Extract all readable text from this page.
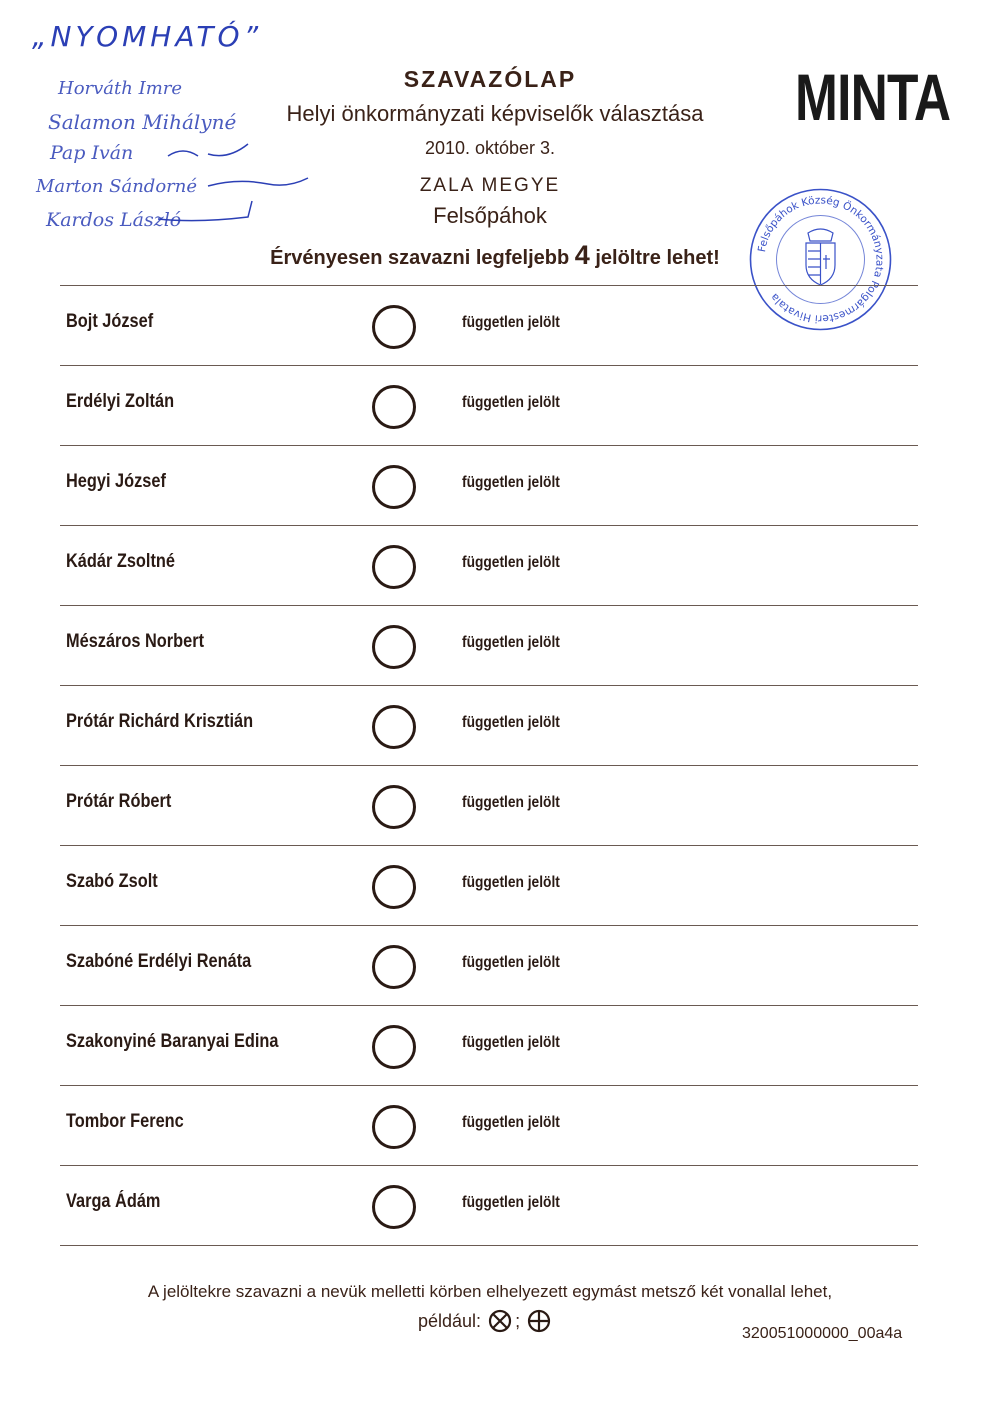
„NYOMHATÓ”
Horváth Imre
Salamon Mihályné
Pap Iván
Marton Sándorné
Kardos László
SZAVAZÓLAP
Helyi önkormányzati képviselők választása
2010. október 3.
ZALA MEGYE
Felsőpáhok
Érvényesen szavazni legfeljebb 4 jelöltre lehet!
MINTA
Felsőpáhok Község Önkormányzata Polgármesteri Hivatala
Bojt József	független jelölt
Erdélyi Zoltán	független jelölt
Hegyi József	független jelölt
Kádár Zsoltné	független jelölt
Mészáros Norbert	független jelölt
Prótár Richárd Krisztián	független jelölt
Prótár Róbert	független jelölt
Szabó Zsolt	független jelölt
Szabóné Erdélyi Renáta	független jelölt
Szakonyiné Baranyai Edina	független jelölt
Tombor Ferenc	független jelölt
Varga Ádám	független jelölt
A jelöltekre szavazni a nevük melletti körben elhelyezett egymást metsző két vonallal lehet,
például: ;
320051000000_00a4a
